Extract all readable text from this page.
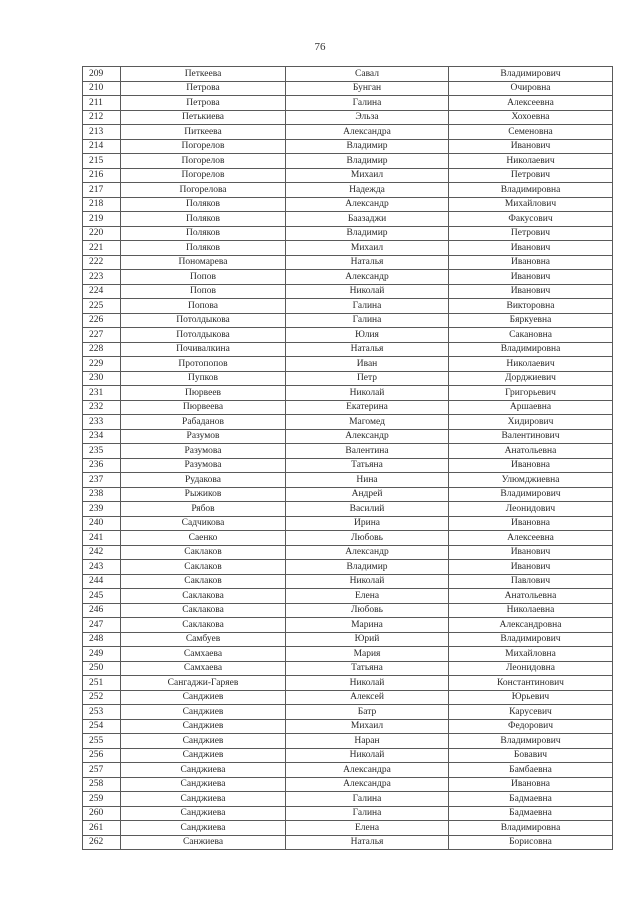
76
209	Петкеева	Савал	Владимирович
210	Петрова	Бунган	Очировна
211	Петрова	Галина	Алексеевна
212	Петькиева	Эльза	Хохоевна
213	Питкеева	Александра	Семеновна
214	Погорелов	Владимир	Иванович
215	Погорелов	Владимир	Николаевич
216	Погорелов	Михаил	Петрович
217	Погорелова	Надежда	Владимировна
218	Поляков	Александр	Михайлович
219	Поляков	Баазаджи	Факусович
220	Поляков	Владимир	Петрович
221	Поляков	Михаил	Иванович
222	Пономарева	Наталья	Ивановна
223	Попов	Александр	Иванович
224	Попов	Николай	Иванович
225	Попова	Галина	Викторовна
226	Потолдыкова	Галина	Бяркуевна
227	Потолдыкова	Юлия	Сакановна
228	Почивалкина	Наталья	Владимировна
229	Протопопов	Иван	Николаевич
230	Пупков	Петр	Дорджиевич
231	Пюрвеев	Николай	Григорьевич
232	Пюрвеева	Екатерина	Аршаевна
233	Рабаданов	Магомед	Хидирович
234	Разумов	Александр	Валентинович
235	Разумова	Валентина	Анатольевна
236	Разумова	Татьяна	Ивановна
237	Рудакова	Нина	Улюмджиевна
238	Рыжиков	Андрей	Владимирович
239	Рябов	Василий	Леонидович
240	Садчикова	Ирина	Ивановна
241	Саенко	Любовь	Алексеевна
242	Саклаков	Александр	Иванович
243	Саклаков	Владимир	Иванович
244	Саклаков	Николай	Павлович
245	Саклакова	Елена	Анатольевна
246	Саклакова	Любовь	Николаевна
247	Саклакова	Марина	Александровна
248	Самбуев	Юрий	Владимирович
249	Самхаева	Мария	Михайловна
250	Самхаева	Татьяна	Леонидовна
251	Сангаджи-Гаряев	Николай	Константинович
252	Санджиев	Алексей	Юрьевич
253	Санджиев	Батр	Карусевич
254	Санджиев	Михаил	Федорович
255	Санджиев	Наран	Владимирович
256	Санджиев	Николай	Бовавич
257	Санджиева	Александра	Бамбаевна
258	Санджиева	Александра	Ивановна
259	Санджиева	Галина	Бадмаевна
260	Санджиева	Галина	Бадмаевна
261	Санджиева	Елена	Владимировна
262	Санжиева	Наталья	Борисовна
